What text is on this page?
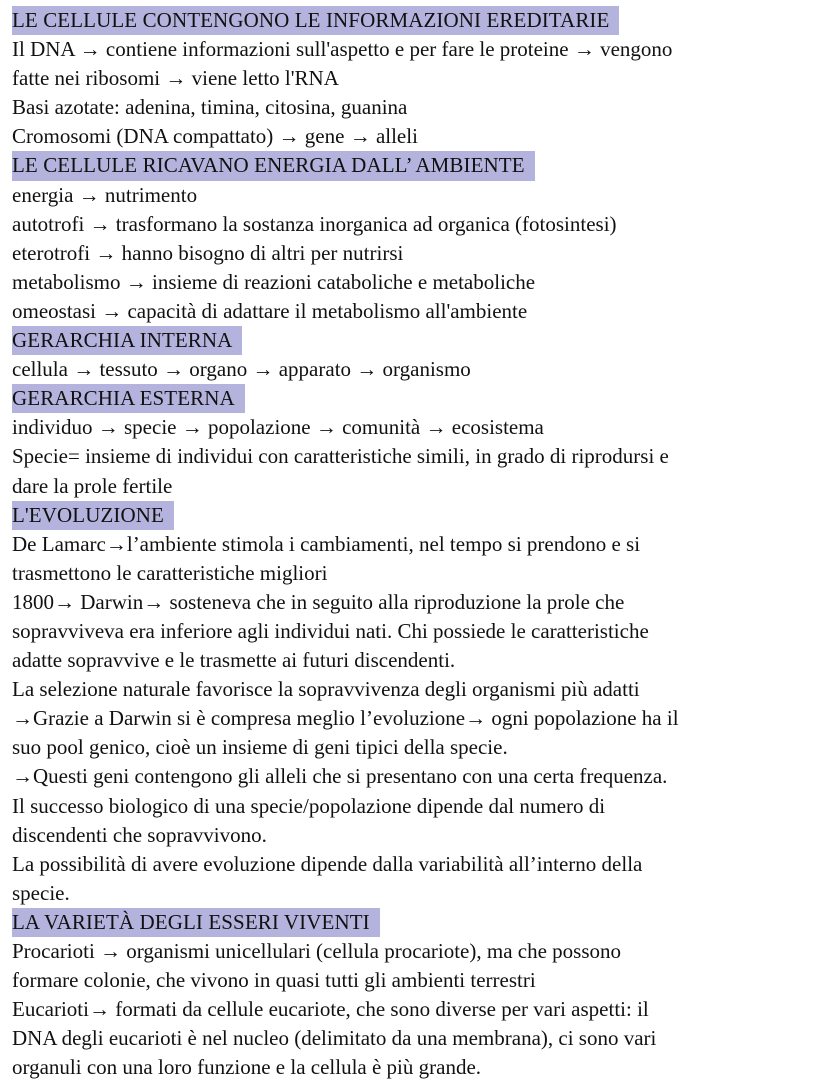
LE CELLULE CONTENGONO LE INFORMAZIONI EREDITARIE
Il DNA → contiene informazioni sull'aspetto e per fare le proteine → vengono
fatte nei ribosomi → viene letto l'RNA
Basi azotate: adenina, timina, citosina, guanina
Cromosomi (DNA compattato) → gene → alleli
LE CELLULE RICAVANO ENERGIA DALL’ AMBIENTE
energia → nutrimento
autotrofi → trasformano la sostanza inorganica ad organica (fotosintesi)
eterotrofi → hanno bisogno di altri per nutrirsi
metabolismo → insieme di reazioni cataboliche e metaboliche
omeostasi → capacità di adattare il metabolismo all'ambiente
GERARCHIA INTERNA
cellula → tessuto → organo → apparato → organismo
GERARCHIA ESTERNA
individuo → specie → popolazione → comunità → ecosistema
Specie= insieme di individui con caratteristiche simili, in grado di riprodursi e
dare la prole fertile
L'EVOLUZIONE
De Lamarc→l’ambiente stimola i cambiamenti, nel tempo si prendono e si
trasmettono le caratteristiche migliori
1800→ Darwin→ sosteneva che in seguito alla riproduzione la prole che
sopravviveva era inferiore agli individui nati. Chi possiede le caratteristiche
adatte sopravvive e le trasmette ai futuri discendenti.
La selezione naturale favorisce la sopravvivenza degli organismi più adatti
→Grazie a Darwin si è compresa meglio l’evoluzione→ ogni popolazione ha il
suo pool genico, cioè un insieme di geni tipici della specie.
→Questi geni contengono gli alleli che si presentano con una certa frequenza.
Il successo biologico di una specie/popolazione dipende dal numero di
discendenti che sopravvivono.
La possibilità di avere evoluzione dipende dalla variabilità all’interno della
specie.
LA VARIETÀ DEGLI ESSERI VIVENTI
Procarioti → organismi unicellulari (cellula procariote), ma che possono
formare colonie, che vivono in quasi tutti gli ambienti terrestri
Eucarioti→ formati da cellule eucariote, che sono diverse per vari aspetti: il
DNA degli eucarioti è nel nucleo (delimitato da una membrana), ci sono vari
organuli con una loro funzione e la cellula è più grande.
